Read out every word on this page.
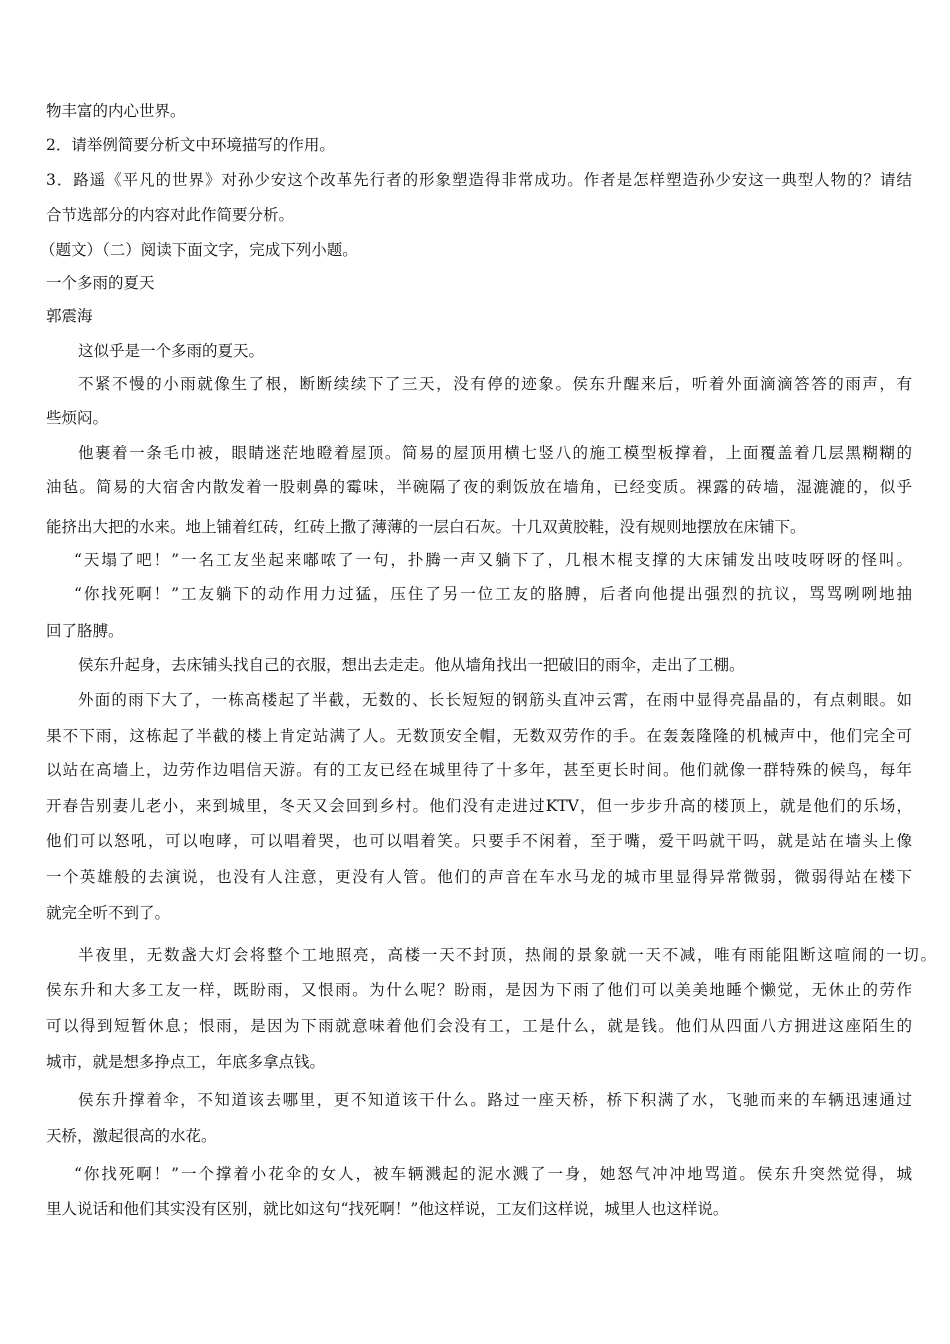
物丰富的内心世界。
2．请举例简要分析文中环境描写的作用。
3．路遥《平凡的世界》对孙少安这个改革先行者的形象塑造得非常成功。作者是怎样塑造孙少安这一典型人物的？请结
合节选部分的内容对此作简要分析。
（题文）（二）阅读下面文字，完成下列小题。
一个多雨的夏天
郭震海
这似乎是一个多雨的夏天。
不紧不慢的小雨就像生了根，断断续续下了三天，没有停的迹象。侯东升醒来后，听着外面滴滴答答的雨声，有
些烦闷。
他裹着一条毛巾被，眼睛迷茫地瞪着屋顶。简易的屋顶用横七竖八的施工模型板撑着，上面覆盖着几层黑糊糊的
油毡。简易的大宿舍内散发着一股刺鼻的霉味，半碗隔了夜的剩饭放在墙角，已经变质。裸露的砖墙，湿漉漉的，似乎
能挤出大把的水来。地上铺着红砖，红砖上撒了薄薄的一层白石灰。十几双黄胶鞋，没有规则地摆放在床铺下。
“天塌了吧！”一名工友坐起来嘟哝了一句，扑腾一声又躺下了，几根木棍支撑的大床铺发出吱吱呀呀的怪叫。
“你找死啊！”工友躺下的动作用力过猛，压住了另一位工友的胳膊，后者向他提出强烈的抗议，骂骂咧咧地抽
回了胳膊。
侯东升起身，去床铺头找自己的衣服，想出去走走。他从墙角找出一把破旧的雨伞，走出了工棚。
外面的雨下大了，一栋高楼起了半截，无数的、长长短短的钢筋头直冲云霄，在雨中显得亮晶晶的，有点刺眼。如
果不下雨，这栋起了半截的楼上肯定站满了人。无数顶安全帽，无数双劳作的手。在轰轰隆隆的机械声中，他们完全可
以站在高墙上，边劳作边唱信天游。有的工友已经在城里待了十多年，甚至更长时间。他们就像一群特殊的候鸟，每年
开春告别妻儿老小，来到城里，冬天又会回到乡村。他们没有走进过KTV，但一步步升高的楼顶上，就是他们的乐场，
他们可以怒吼，可以咆哮，可以唱着哭，也可以唱着笑。只要手不闲着，至于嘴，爱干吗就干吗，就是站在墙头上像
一个英雄般的去演说，也没有人注意，更没有人管。他们的声音在车水马龙的城市里显得异常微弱，微弱得站在楼下
就完全听不到了。
半夜里，无数盏大灯会将整个工地照亮，高楼一天不封顶，热闹的景象就一天不减，唯有雨能阻断这喧闹的一切。
侯东升和大多工友一样，既盼雨，又恨雨。为什么呢？盼雨，是因为下雨了他们可以美美地睡个懒觉，无休止的劳作
可以得到短暂休息；恨雨，是因为下雨就意味着他们会没有工，工是什么，就是钱。他们从四面八方拥进这座陌生的
城市，就是想多挣点工，年底多拿点钱。
侯东升撑着伞，不知道该去哪里，更不知道该干什么。路过一座天桥，桥下积满了水，飞驰而来的车辆迅速通过
天桥，激起很高的水花。
“你找死啊！”一个撑着小花伞的女人，被车辆溅起的泥水溅了一身，她怒气冲冲地骂道。侯东升突然觉得，城
里人说话和他们其实没有区别，就比如这句“找死啊！”他这样说，工友们这样说，城里人也这样说。
